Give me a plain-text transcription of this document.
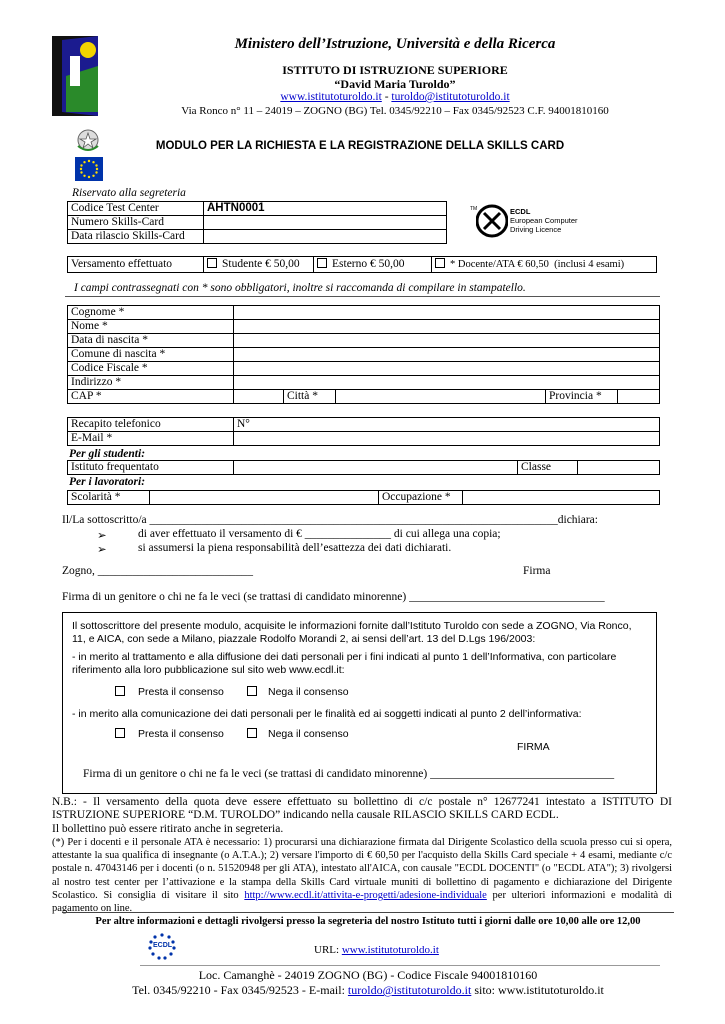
Ministero dell’Istruzione, Università e della Ricerca
ISTITUTO DI ISTRUZIONE SUPERIORE
“David Maria Turoldo”
www.istitutoturoldo.it - turoldo@istitutoturoldo.it
Via Ronco n° 11 – 24019 – ZOGNO (BG) Tel. 0345/92210 – Fax 0345/92523 C.F. 94001810160
MODULO PER LA RICHIESTA E LA REGISTRAZIONE DELLA SKILLS CARD
TM	ECDL
European Computer
Driving Licence
Riservato alla segreteria
Codice Test Center	AHTN0001
Numero Skills-Card	
Data rilascio Skills-Card	
Versamento effettuato	Studente € 50,00	Esterno € 50,00	* Docente/ATA € 60,50 (inclusi 4 esami)
I campi contrassegnati con * sono obbligatori, inoltre si raccomanda di compilare in stampatello.
Cognome *					
Nome *					
Data di nascita *					
Comune di nascita *					
Codice Fiscale *					
Indirizzo *					
CAP *		Città *		Provincia *	
Recapito telefonico	N°
E-Mail *	
Per gli studenti:
Istituto frequentato		Classe	
Per i lavoratori:
Scolarità *		Occupazione *	
Il/La sottoscritto/a _______________________________________________________________________dichiara:
➢	di aver effettuato il versamento di € _______________ di cui allega una copia;
➢	si assumersi la piena responsabilità dell’esattezza dei dati dichiarati.
Zogno, ___________________________	Firma
Firma di un genitore o chi ne fa le veci (se trattasi di candidato minorenne) __________________________________
Il sottoscrittore del presente modulo, acquisite le informazioni fornite dall’Istituto Turoldo con sede a ZOGNO, Via Ronco, 11, e AICA, con sede a Milano, piazzale Rodolfo Morandi 2, ai sensi dell’art. 13 del D.Lgs 196/2003:
- in merito al trattamento e alla diffusione dei dati personali per i fini indicati al punto 1 dell’Informativa, con particolare riferimento alla loro pubblicazione sul sito web www.ecdl.it:
Presta il consenso	Nega il consenso
- in merito alla comunicazione dei dati personali per le finalità ed ai soggetti indicati al punto 2 dell’informativa:
Presta il consenso	Nega il consenso
FIRMA
Firma di un genitore o chi ne fa le veci (se trattasi di candidato minorenne) ________________________________
N.B.: - Il versamento della quota deve essere effettuato su bollettino di c/c postale n° 12677241 intestato a ISTITUTO DI ISTRUZIONE SUPERIORE “D.M. TUROLDO” indicando nella causale RILASCIO SKILLS CARD ECDL.
Il bollettino può essere ritirato anche in segreteria.
(*) Per i docenti e il personale ATA è necessario: 1) procurarsi una dichiarazione firmata dal Dirigente Scolastico della scuola presso cui si opera, attestante la sua qualifica di insegnante (o A.T.A.); 2) versare l'importo di € 60,50 per l'acquisto della Skills Card speciale + 4 esami, mediante c/c postale n. 47043146 per i docenti (o n. 51520948 per gli ATA), intestato all'AICA, con causale "ECDL DOCENTI" (o "ECDL ATA"); 3) rivolgersi al nostro test center per l’attivazione e la stampa della Skills Card virtuale muniti di bollettino di pagamento e dichiarazione del Dirigente Scolastico. Si consiglia di visitare il sito http://www.ecdl.it/attivita-e-progetti/adesione-individuale per ulteriori informazioni e modalità di pagamento on line.
Per altre informazioni e dettagli rivolgersi presso la segreteria del nostro Istituto tutti i giorni dalle ore 10,00 alle ore 12,00
ECDL	URL: www.istitutoturoldo.it
Loc. Camanghè - 24019 ZOGNO (BG) - Codice Fiscale 94001810160
Tel. 0345/92210 - Fax 0345/92523 - E-mail: turoldo@istitutoturoldo.it sito: www.istitutoturoldo.it
